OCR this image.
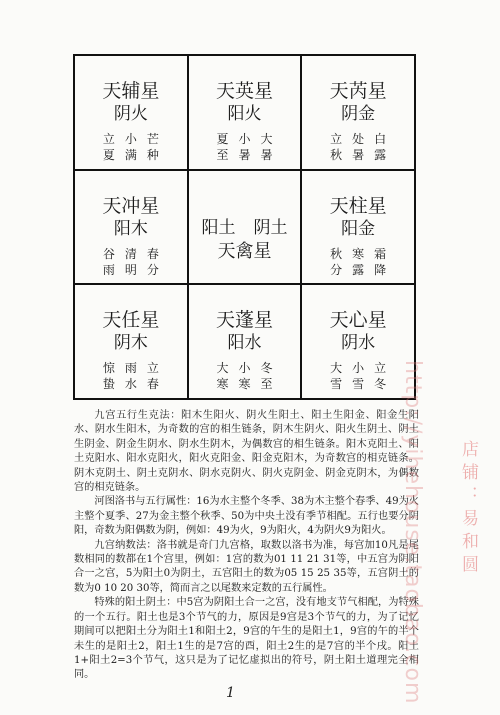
天辅星
阴火
立 小 芒
夏 满 种
天英星
阳火
夏 小 大
至 暑 暑
天芮星
阴金
立 处 白
秋 暑 露
天冲星
阳木
谷 清 春
雨 明 分
阳土 阴土
天禽星
天柱星
阳金
秋 寒 霜
分 露 降
天任星
阴木
惊 雨 立
蛰 水 春
天蓬星
阳水
大 小 冬
寒 寒 至
天心星
阴水
大 小 立
雪 雪 冬

九宫五行生克法：阳木生阳火、阴火生阳土、阳土生阳金、阳金生阳水、阴水生阳木，为奇数的宫的相生链条，阴木生阴火、阳火生阴土、阴土生阴金、阴金生阴水、阴水生阴木，为偶数宫的相生链条。阳木克阳土、阳土克阳水、阳水克阳火，阳火克阳金、阳金克阳木，为奇数宫的相克链条。阴木克阴土、阴土克阴水、阴水克阴火、阴火克阴金、阴金克阴木，为偶数宫的相克链条。

河图洛书与五行属性：16为水主整个冬季、38为木主整个春季、49为火主整个夏季、27为金主整个秋季、50为中央土没有季节相配。五行也要分阴阳，奇数为阳偶数为阴，例如：49为火，9为阳火，4为阴火9为阳火。

九宫纳数法：洛书就是奇门九宫格，取数以洛书为准，每宫加10凡是尾数相同的数都在1个宫里，例如：1宫的数为01 11 21 31等，中五宫为阴阳合一之宫，5为阳土0为阴土，五宫阳土的数为05 15 25 35等，五宫阴土的数为0 10 20 30等，简而言之以尾数来定数的五行属性。

特殊的阳土阴土：中5宫为阴阳土合一之宫，没有地支节气相配，为特殊的一个五行。阳土也是3个节气的力，原因是9宫是3个节气的力，为了记忆期间可以把阳土分为阳土1和阳土2，9宫的午生的是阳土1，9宫的午的半个未生的是阳土2，阳土1生的是7宫的酉，阳土2生的是7宫的半个戌。阳土1+阳土2=3个节气，这只是为了记忆虚拟出的符号，阴土阳土道理完全相同。

1	http://yihehouse.taobao.com 店铺：易和圆
